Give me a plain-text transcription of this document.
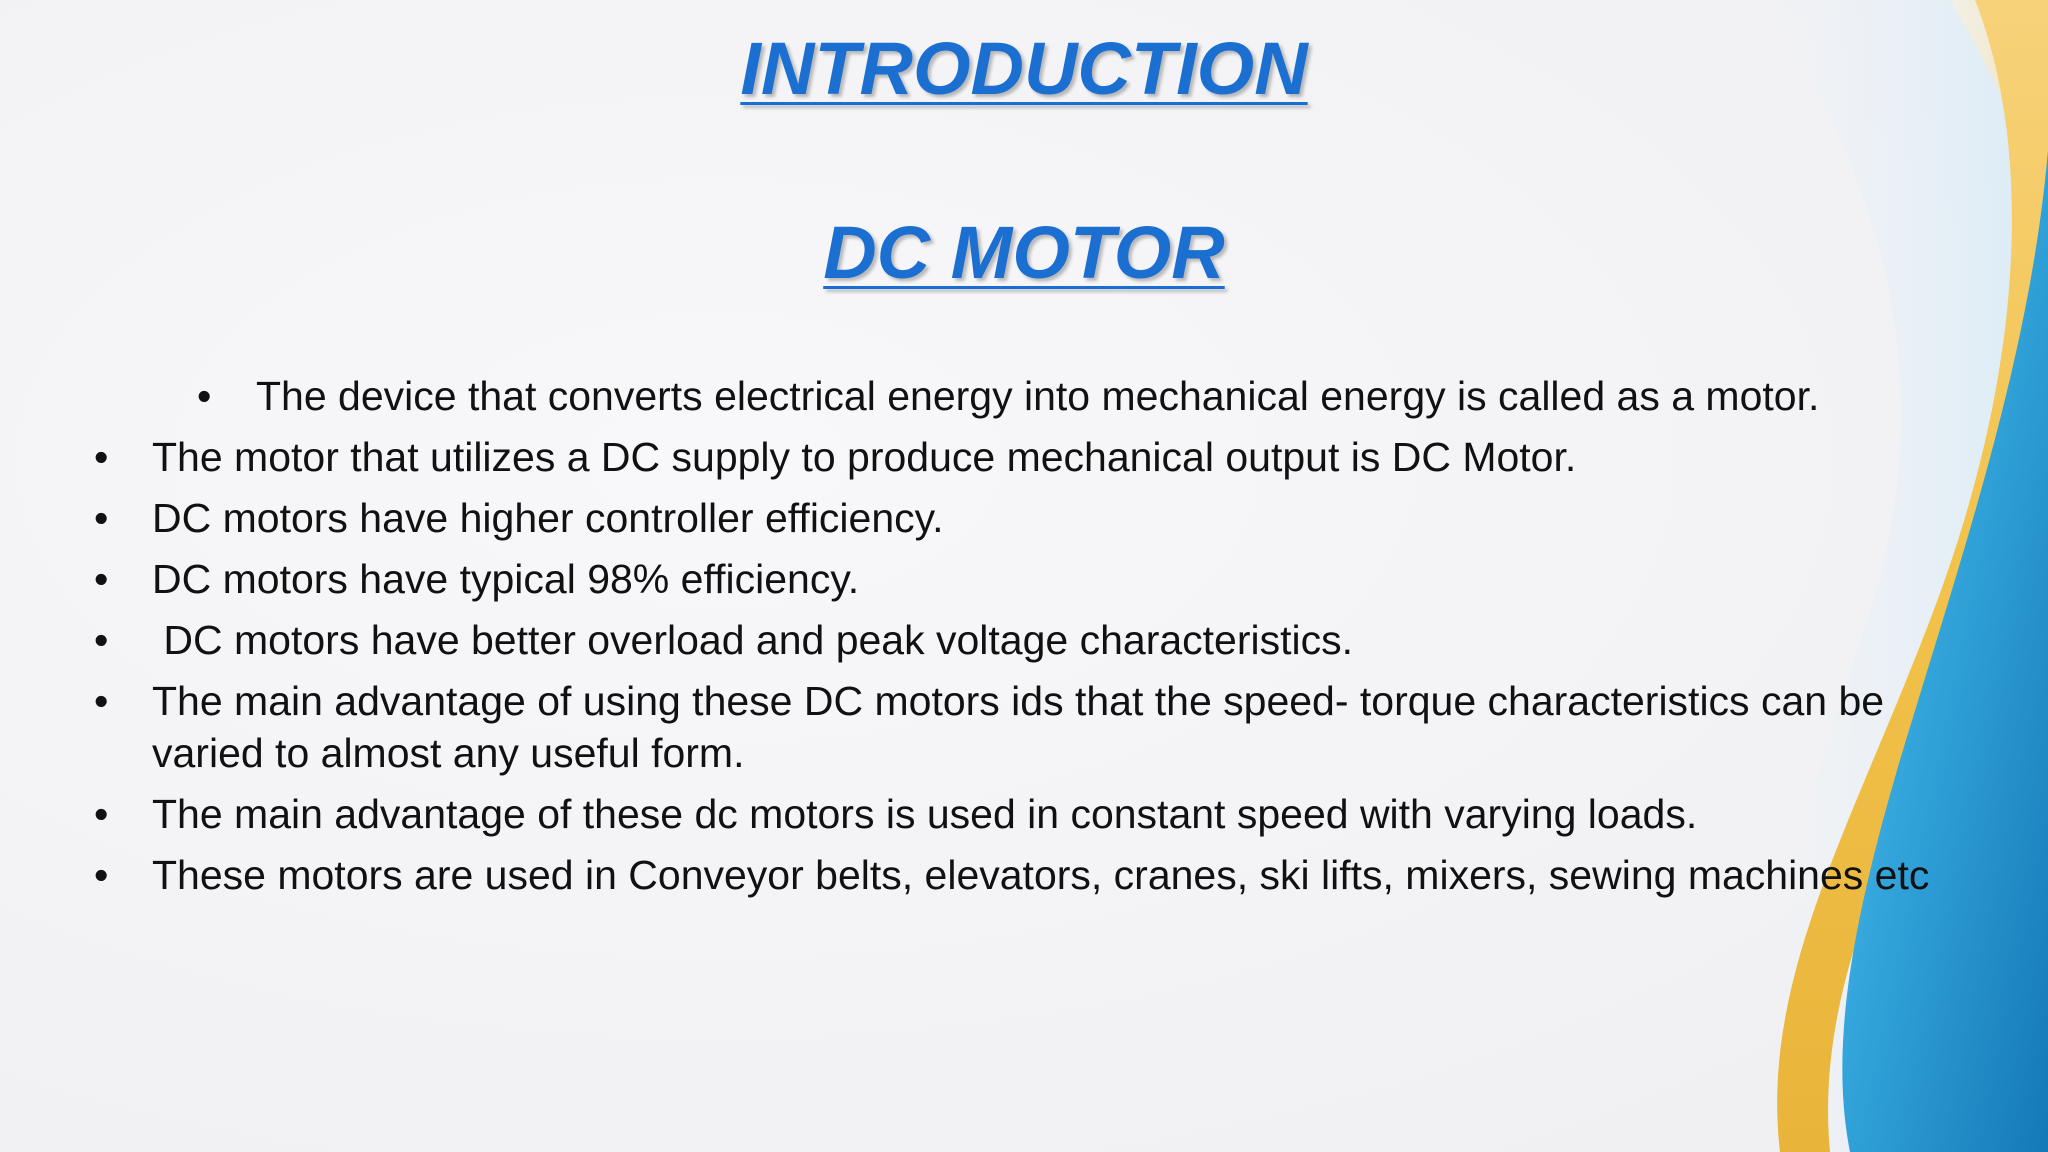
INTRODUCTION
DC MOTOR
• The device that converts electrical energy into mechanical energy is called as a motor.
• The motor that utilizes a DC supply to produce mechanical output is DC Motor.
• DC motors have higher controller efficiency.
• DC motors have typical 98% efficiency.
• DC motors have better overload and peak voltage characteristics.
• The main advantage of using these DC motors ids that the speed- torque characteristics can be varied to almost any useful form.
• The main advantage of these dc motors is used in constant speed with varying loads.
• These motors are used in Conveyor belts, elevators, cranes, ski lifts, mixers, sewing machines etc
